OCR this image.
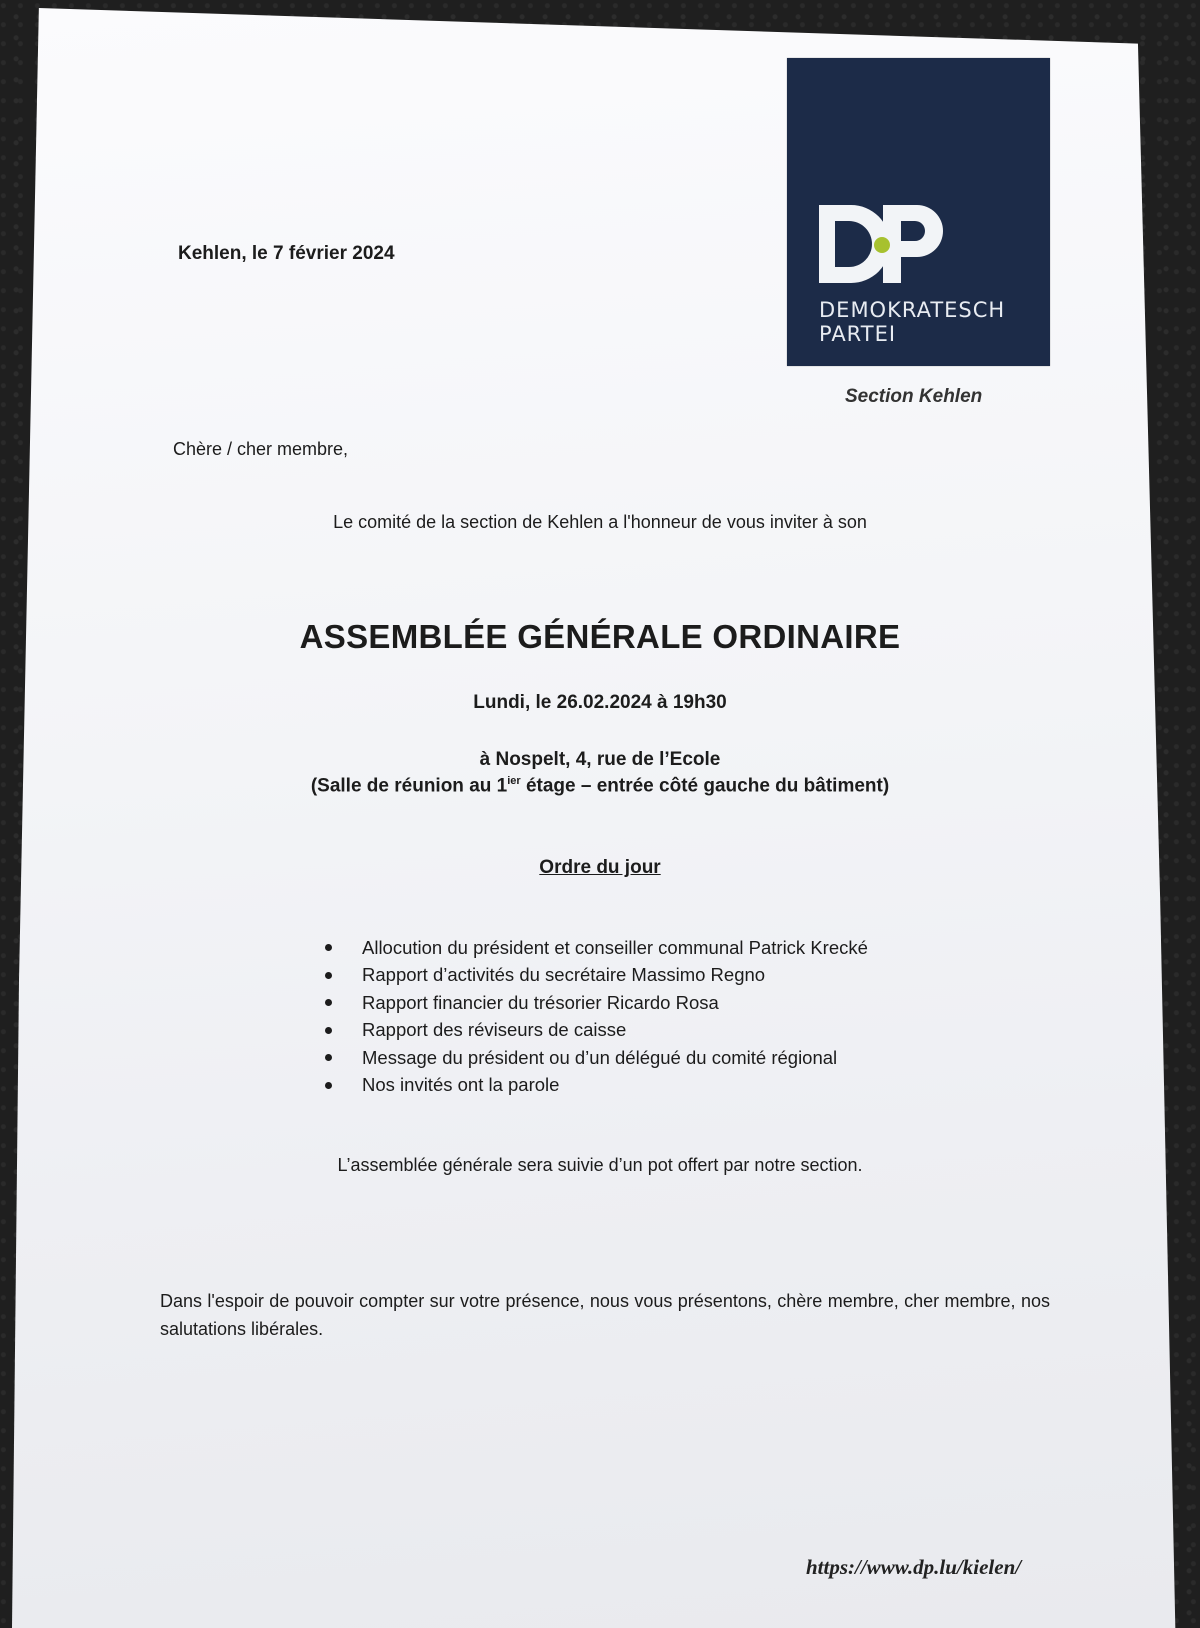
DEMOKRATESCH
PARTEI
Section Kehlen
Kehlen, le 7 février 2024
Chère / cher membre,
Le comité de la section de Kehlen a l'honneur de vous inviter à son
ASSEMBLÉE GÉNÉRALE ORDINAIRE
Lundi, le 26.02.2024 à 19h30
à Nospelt, 4, rue de l’Ecole
(Salle de réunion au $1^{ier}$ étage – entrée côté gauche du bâtiment)
Ordre du jour
Allocution du président et conseiller communal Patrick Krecké
Rapport d’activités du secrétaire Massimo Regno
Rapport financier du trésorier Ricardo Rosa
Rapport des réviseurs de caisse
Message du président ou d’un délégué du comité régional
Nos invités ont la parole
L’assemblée générale sera suivie d’un pot offert par notre section.
Dans l'espoir de pouvoir compter sur votre présence, nous vous présentons, chère membre, cher membre, nos salutations libérales.
https://www.dp.lu/kielen/
